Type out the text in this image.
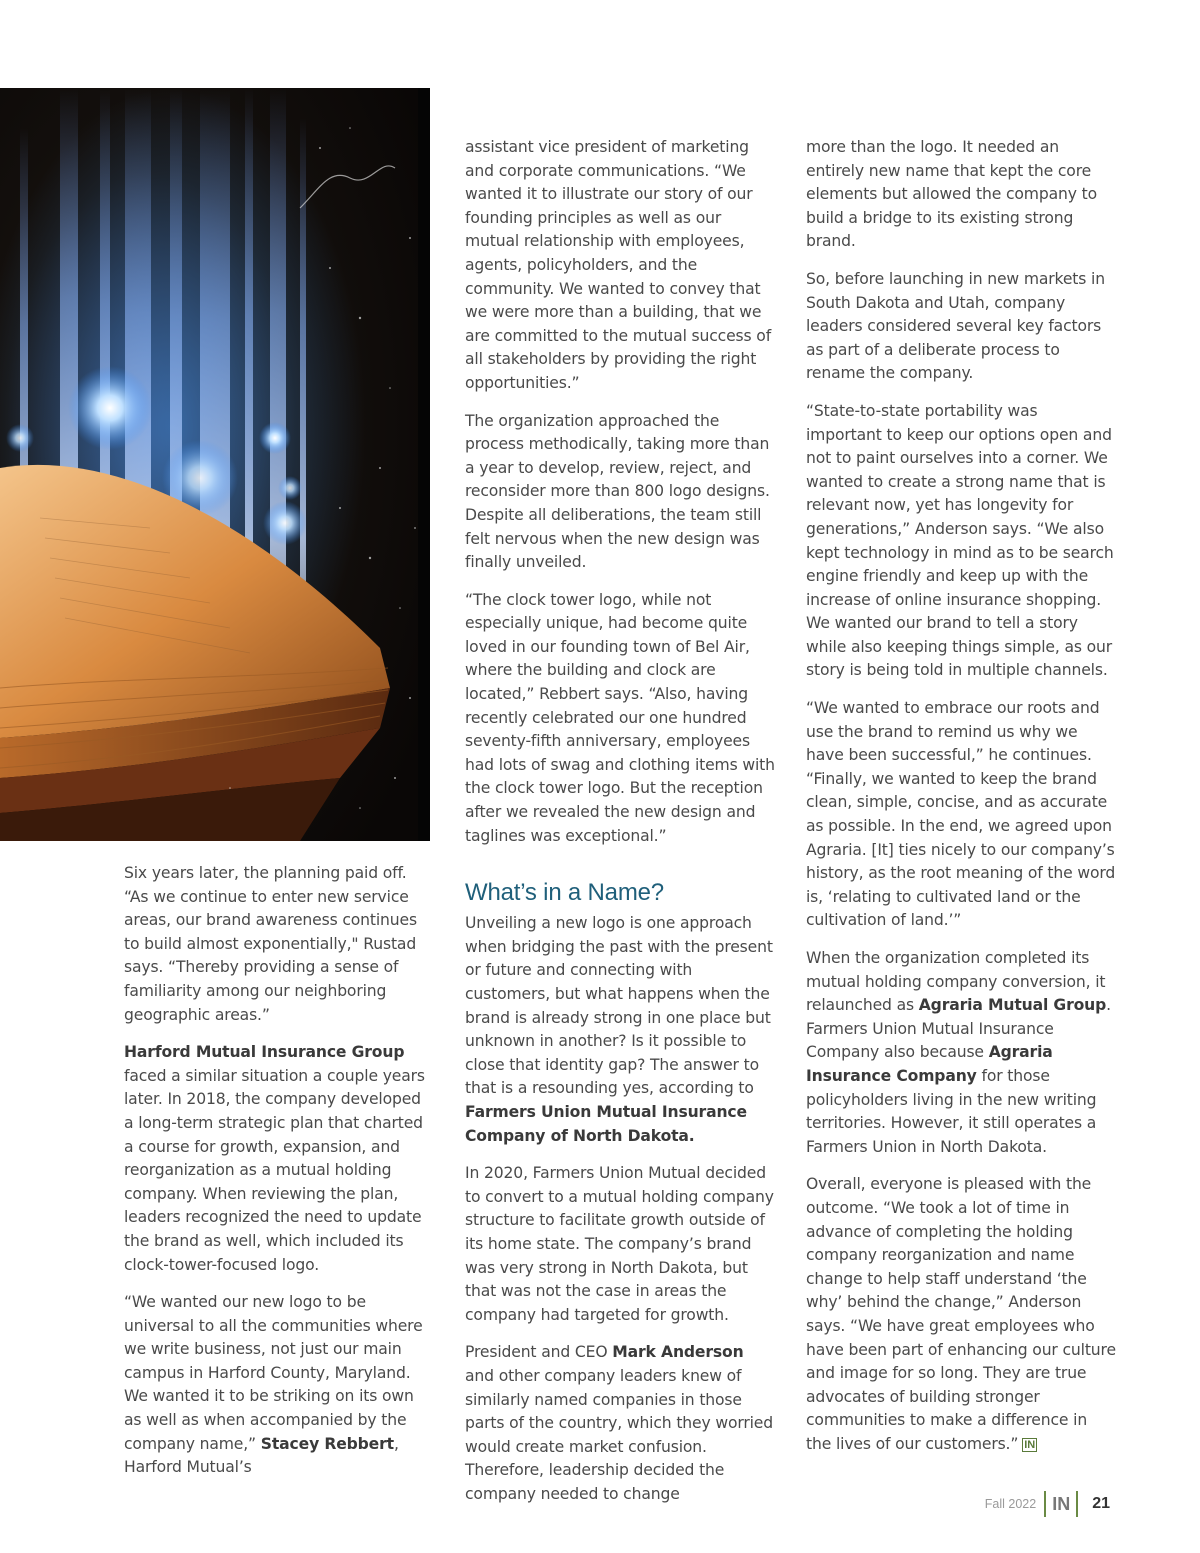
Six years later, the planning paid off. “As we continue to enter new service areas, our brand awareness continues to build almost exponentially," Rustad says. “Thereby providing a sense of familiarity among our neighboring geographic areas.”

Harford Mutual Insurance Group faced a similar situation a couple years later. In 2018, the company developed a long-term strategic plan that charted a course for growth, expansion, and reorganization as a mutual holding company. When reviewing the plan, leaders recognized the need to update the brand as well, which included its clock-tower-focused logo.

“We wanted our new logo to be universal to all the communities where we write business, not just our main campus in Harford County, Maryland. We wanted it to be striking on its own as well as when accompanied by the company name,” Stacey Rebbert, Harford Mutual’s

assistant vice president of marketing and corporate communications. “We wanted it to illustrate our story of our founding principles as well as our mutual relationship with employees, agents, policyholders, and the community. We wanted to convey that we were more than a building, that we are committed to the mutual success of all stakeholders by providing the right opportunities.”

The organization approached the process methodically, taking more than a year to develop, review, reject, and reconsider more than 800 logo designs. Despite all deliberations, the team still felt nervous when the new design was finally unveiled.

“The clock tower logo, while not especially unique, had become quite loved in our founding town of Bel Air, where the building and clock are located,” Rebbert says. “Also, having recently celebrated our one hundred seventy-fifth anniversary, employees had lots of swag and clothing items with the clock tower logo. But the reception after we revealed the new design and taglines was exceptional.”

What’s in a Name?

Unveiling a new logo is one approach when bridging the past with the present or future and connecting with customers, but what happens when the brand is already strong in one place but unknown in another? Is it possible to close that identity gap? The answer to that is a resounding yes, according to Farmers Union Mutual Insurance Company of North Dakota.

In 2020, Farmers Union Mutual decided to convert to a mutual holding company structure to facilitate growth outside of its home state. The company’s brand was very strong in North Dakota, but that was not the case in areas the company had targeted for growth.

President and CEO Mark Anderson and other company leaders knew of similarly named companies in those parts of the country, which they worried would create market confusion. Therefore, leadership decided the company needed to change

more than the logo. It needed an entirely new name that kept the core elements but allowed the company to build a bridge to its existing strong brand.

So, before launching in new markets in South Dakota and Utah, company leaders considered several key factors as part of a deliberate process to rename the company.

“State-to-state portability was important to keep our options open and not to paint ourselves into a corner. We wanted to create a strong name that is relevant now, yet has longevity for generations,” Anderson says. “We also kept technology in mind as to be search engine friendly and keep up with the increase of online insurance shopping. We wanted our brand to tell a story while also keeping things simple, as our story is being told in multiple channels.

“We wanted to embrace our roots and use the brand to remind us why we have been successful,” he continues. “Finally, we wanted to keep the brand clean, simple, concise, and as accurate as possible. In the end, we agreed upon Agraria. [It] ties nicely to our company’s history, as the root meaning of the word is, ‘relating to cultivated land or the cultivation of land.’”

When the organization completed its mutual holding company conversion, it relaunched as Agraria Mutual Group. Farmers Union Mutual Insurance Company also because Agraria Insurance Company for those policyholders living in the new writing territories. However, it still operates a Farmers Union in North Dakota.

Overall, everyone is pleased with the outcome. “We took a lot of time in advance of completing the holding company reorganization and name change to help staff understand ‘the why’ behind the change,” Anderson says. “We have great employees who have been part of enhancing our culture and image for so long. They are true advocates of building stronger communities to make a difference in the lives of our customers.” IN

Fall 2022 IN	21
